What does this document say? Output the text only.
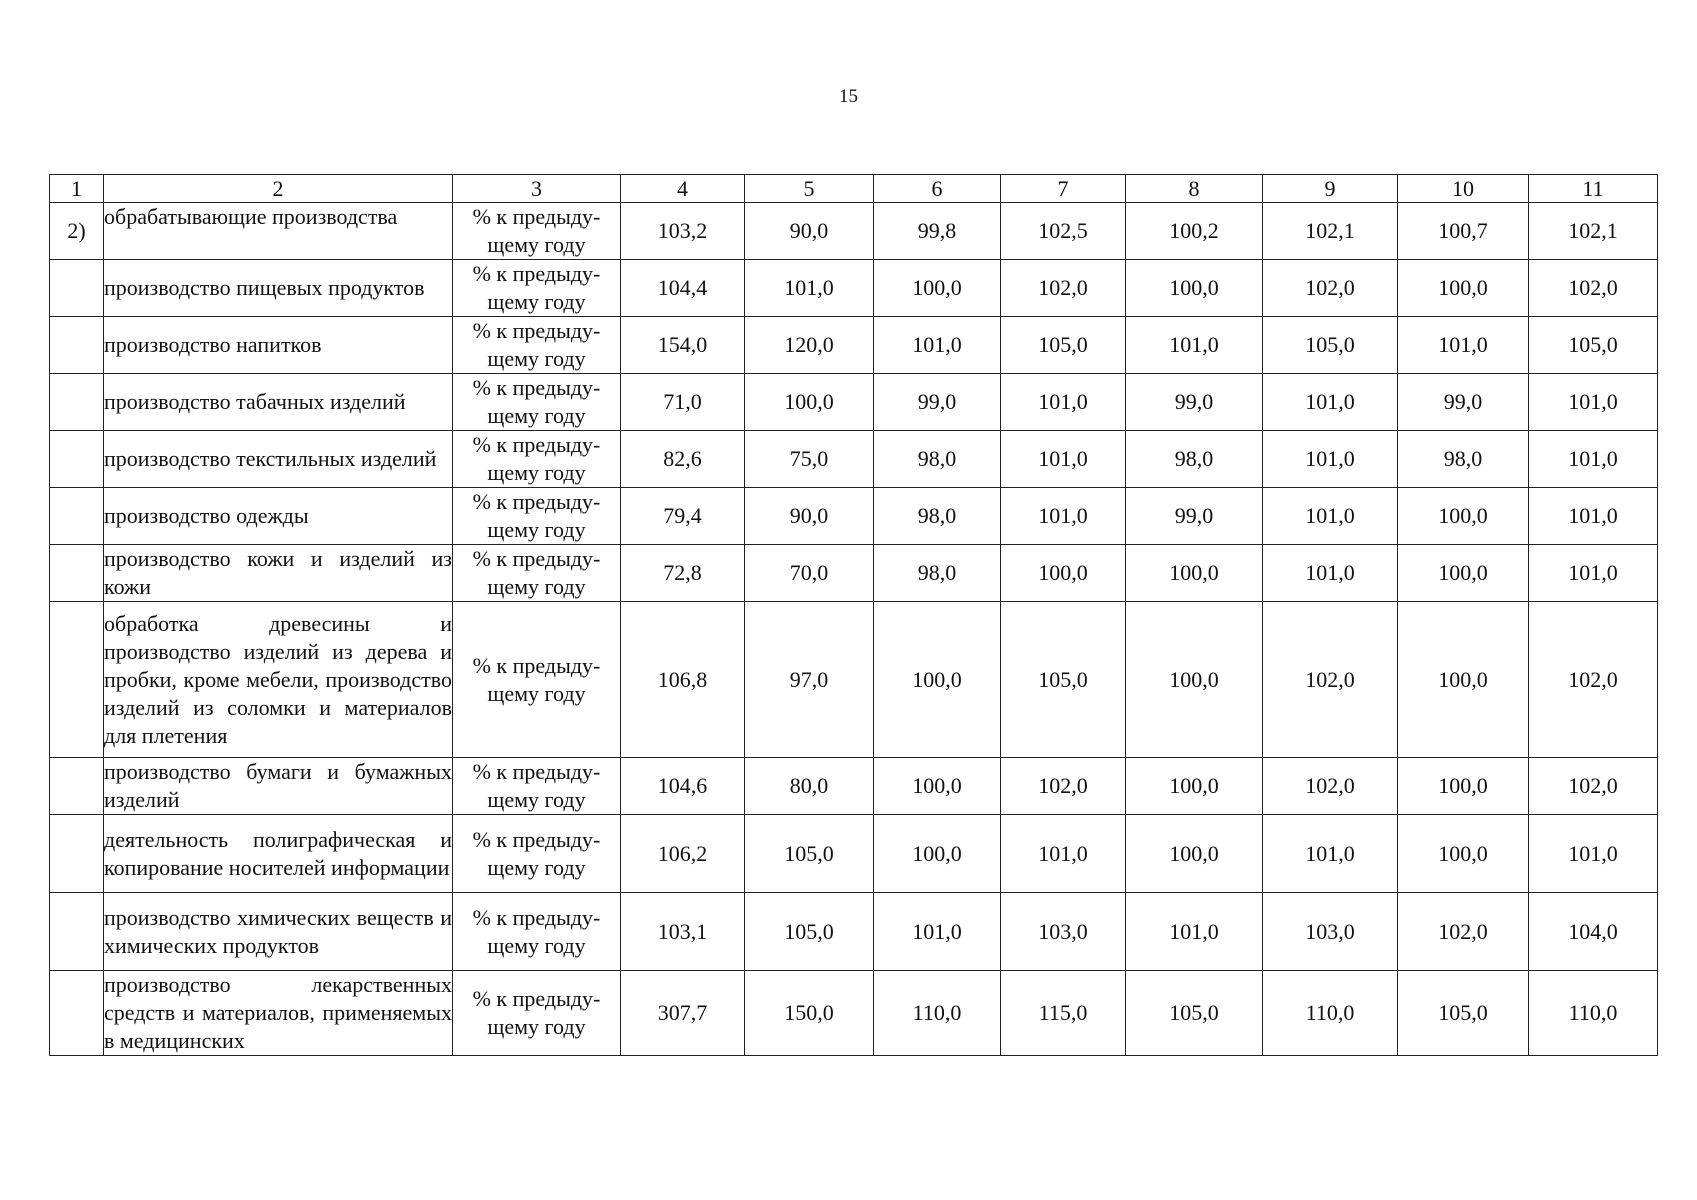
15
1	2	3	4	5	6	7	8	9	10	11
2)	обрабатывающие производства	% к предыду-щему году	103,2	90,0	99,8	102,5	100,2	102,1	100,7	102,1

	производство пищевых продуктов	% к предыду-щему году	104,4	101,0	100,0	102,0	100,0	102,0	100,0	102,0

	производство напитков	% к предыду-щему году	154,0	120,0	101,0	105,0	101,0	105,0	101,0	105,0

	производство табачных изделий	% к предыду-щему году	71,0	100,0	99,0	101,0	99,0	101,0	99,0	101,0

	производство текстильных изделий	% к предыду-щему году	82,6	75,0	98,0	101,0	98,0	101,0	98,0	101,0

	производство одежды	% к предыду-щему году	79,4	90,0	98,0	101,0	99,0	101,0	100,0	101,0

	производство кожи и изделий из кожи	% к предыду-щему году	72,8	70,0	98,0	100,0	100,0	101,0	100,0	101,0

	обработка древесины и производство изделий из дерева и пробки, кроме мебели, производство изделий из соломки и материалов для плетения	% к предыду-щему году	106,8	97,0	100,0	105,0	100,0	102,0	100,0	102,0

	производство бумаги и бумажных изделий	% к предыду-щему году	104,6	80,0	100,0	102,0	100,0	102,0	100,0	102,0

	деятельность полиграфическая и копирование носителей информации	% к предыду-щему году	106,2	105,0	100,0	101,0	100,0	101,0	100,0	101,0

	производство химических веществ и химических продуктов	% к предыду-щему году	103,1	105,0	101,0	103,0	101,0	103,0	102,0	104,0

	производство лекарственных средств и материалов, применяемых в медицинских	% к предыду-щему году	307,7	150,0	110,0	115,0	105,0	110,0	105,0	110,0
